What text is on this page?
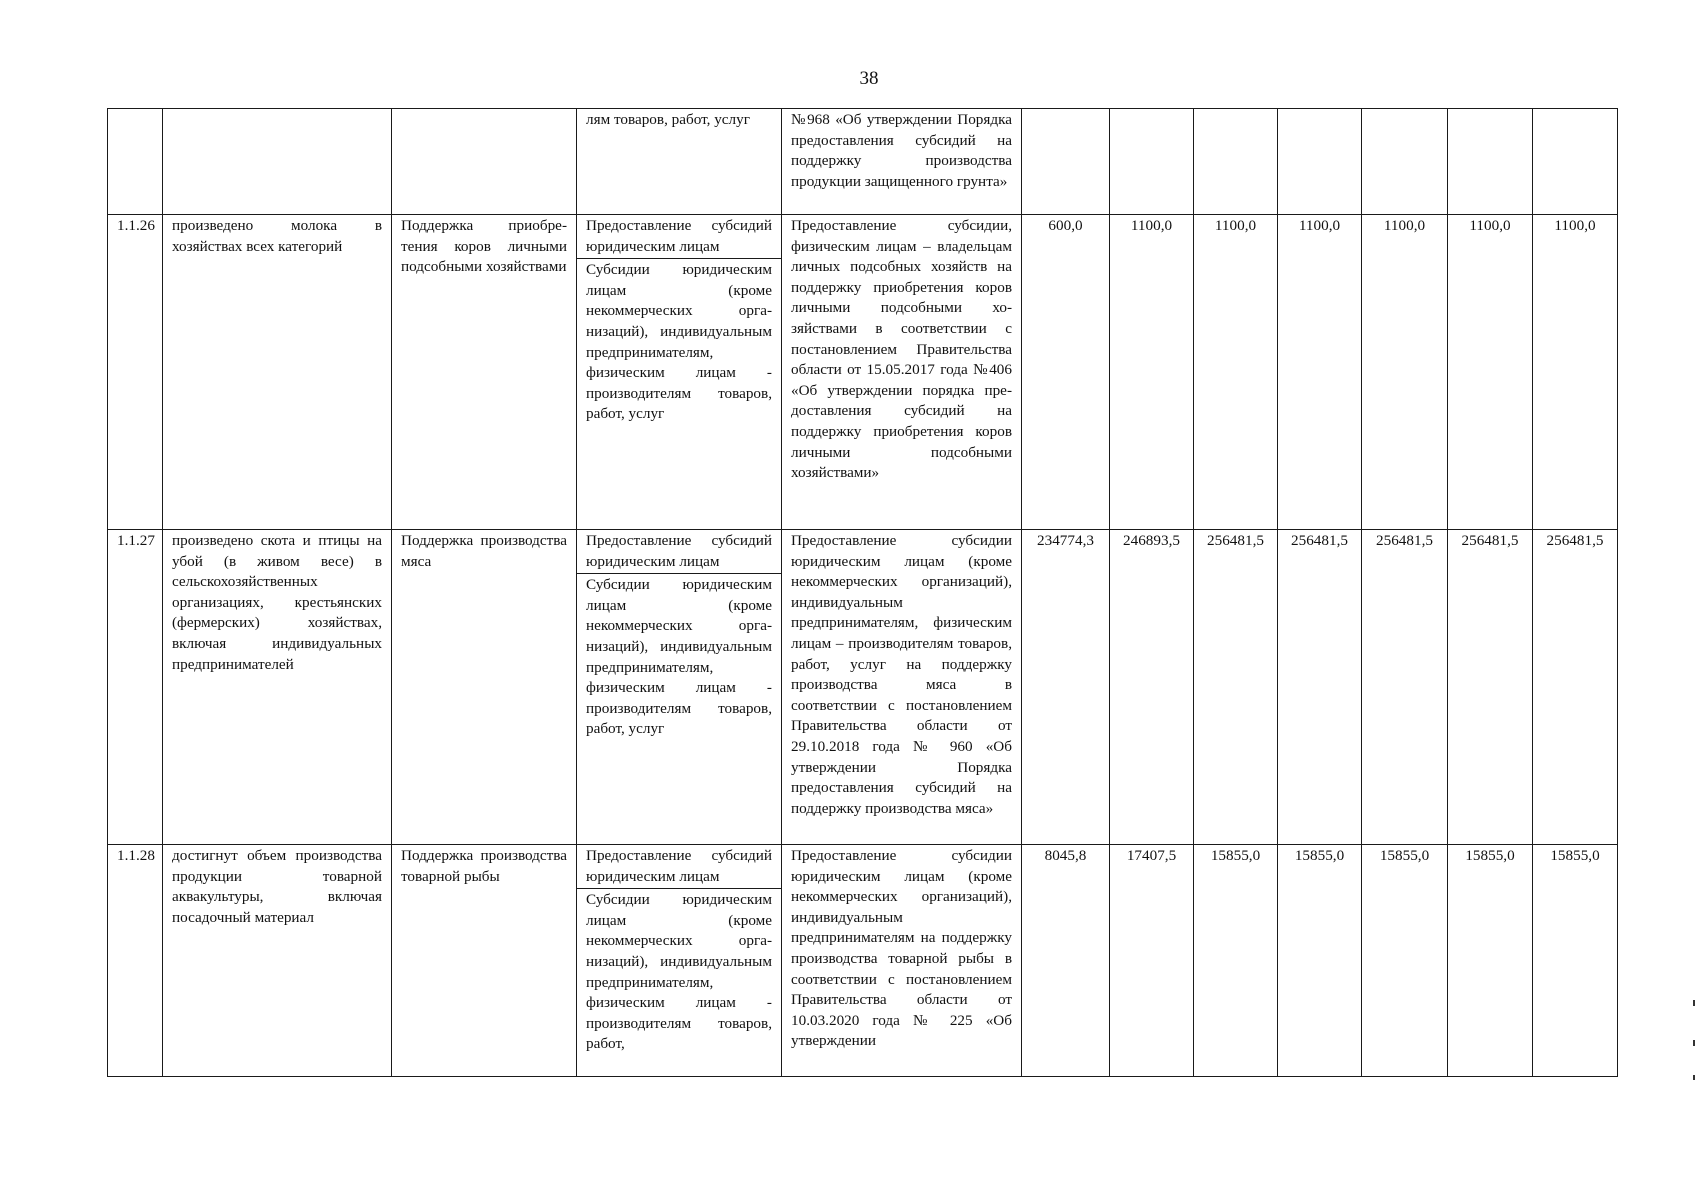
38

			лям товаров, работ, услуг	№968 «Об утверждении Порядка предоставления субсидий на поддержку производства продукции защищенного грунта»							
1.1.26	произведено молока в хозяйствах всех категорий	Поддержка приобретения коров личными подсобными хозяйствами	Предоставление субсидий юридическим лицам
Субсидии юридическим лицам (кроме некоммерческих организаций), индивидуальным предпринимателям, физическим лицам - производителям товаров, работ, услуг	Предоставление субсидии, физическим лицам – владельцам личных подсобных хозяйств на поддержку приобретения коров личными подсобными хозяйствами в соответствии с постановлением Правительства области от 15.05.2017 года №406 «Об утверждении порядка предоставления субсидий на поддержку приобретения коров личными подсобными хозяйствами»	600,0	1100,0	1100,0	1100,0	1100,0	1100,0	1100,0
1.1.27	произведено скота и птицы на убой (в живом весе) в сельскохозяйственных организациях, крестьянских (фермерских) хозяйствах, включая индивидуальных предпринимателей	Поддержка производства мяса	Предоставление субсидий юридическим лицам
Субсидии юридическим лицам (кроме некоммерческих организаций), индивидуальным предпринимателям, физическим лицам - производителям товаров, работ, услуг	Предоставление субсидии юридическим лицам (кроме некоммерческих организаций), индивидуальным предпринимателям, физическим лицам – производителям товаров, работ, услуг на поддержку производства мяса в соответствии с постановлением Правительства области от 29.10.2018 года № 960 «Об утверждении Порядка предоставления субсидий на поддержку производства мяса»	234774,3	246893,5	256481,5	256481,5	256481,5	256481,5	256481,5
1.1.28	достигнут объем производства продукции товарной аквакультуры, включая посадочный материал	Поддержка производства товарной рыбы	Предоставление субсидий юридическим лицам
Субсидии юридическим лицам (кроме некоммерческих организаций), индивидуальным предпринимателям, физическим лицам - производителям товаров, работ,	Предоставление субсидии юридическим лицам (кроме некоммерческих организаций), индивидуальным предпринимателям на поддержку производства товарной рыбы в соответствии с постановлением Правительства области от 10.03.2020 года № 225 «Об утверждении	8045,8	17407,5	15855,0	15855,0	15855,0	15855,0	15855,0
